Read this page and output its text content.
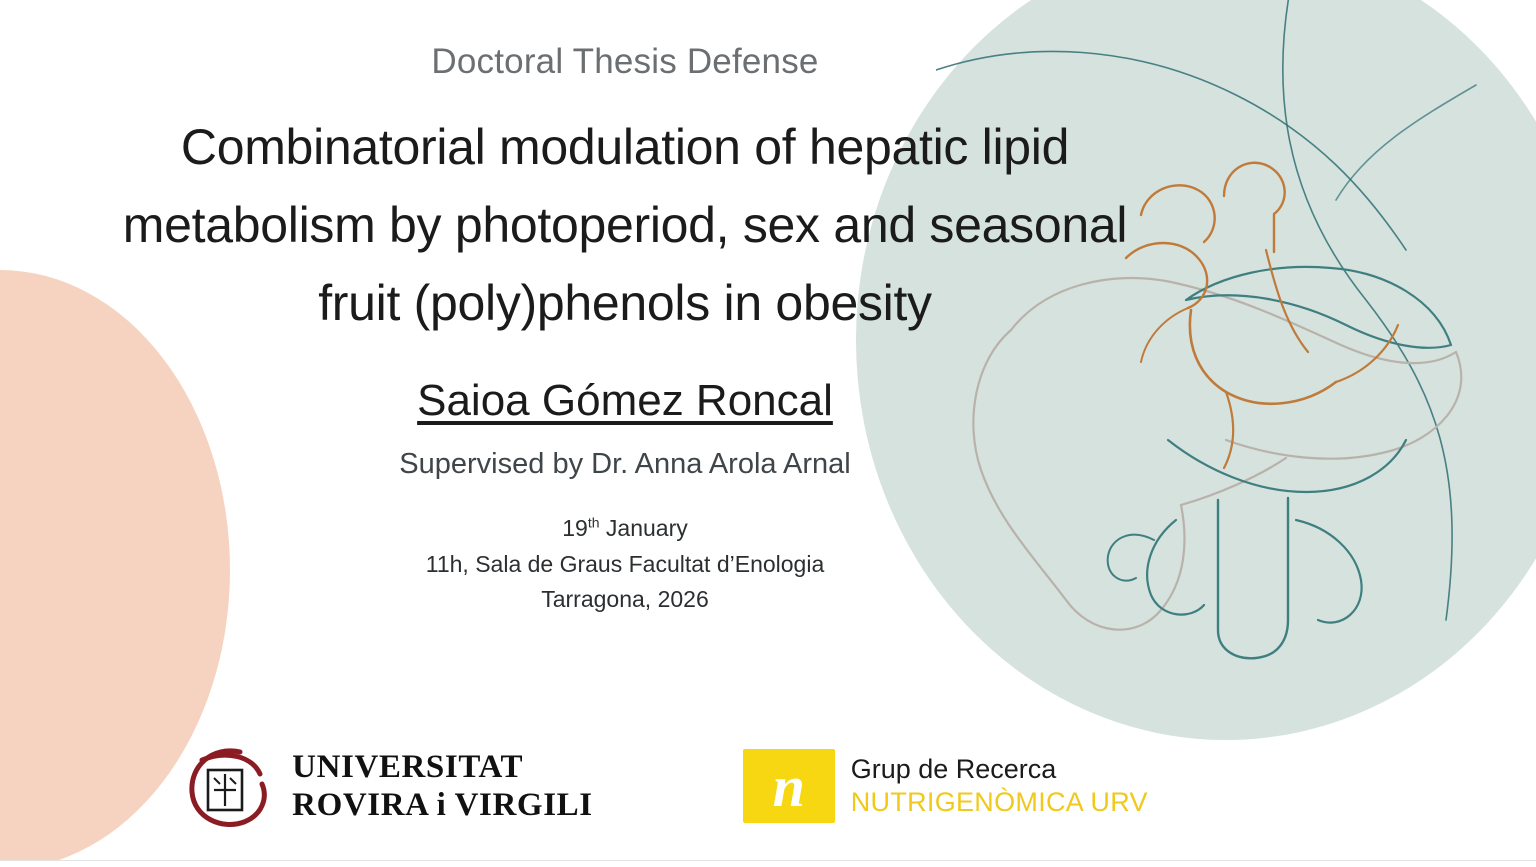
Doctoral Thesis Defense
Combinatorial modulation of hepatic lipid metabolism by photoperiod, sex and seasonal fruit (poly)phenols in obesity
Saioa Gómez Roncal
Supervised by Dr. Anna Arola Arnal
19th January
11h, Sala de Graus Facultat d’Enologia
Tarragona, 2026
UNIVERSITAT
ROVIRA i VIRGILI	n	Grup de Recerca
NUTRIGENÒMICA URV
